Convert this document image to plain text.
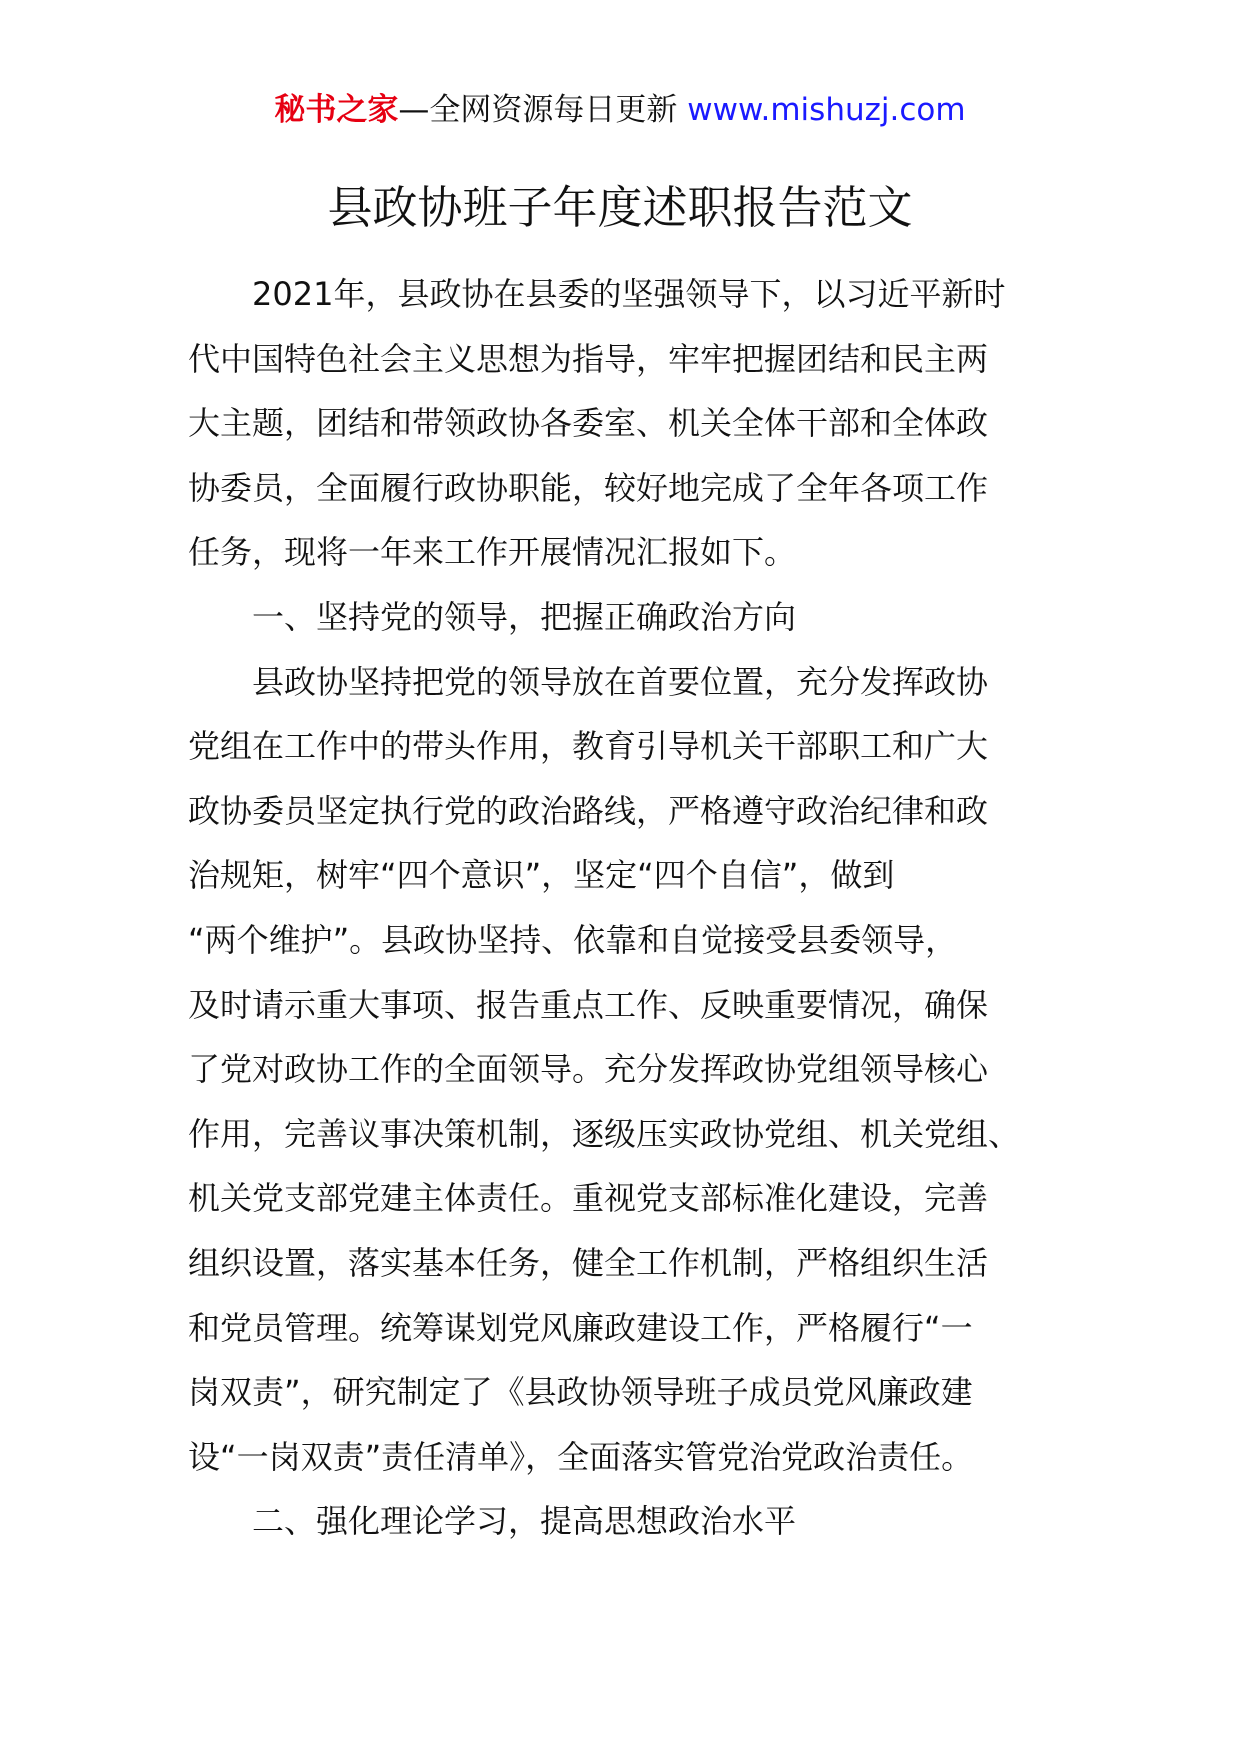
秘书之家—全网资源每日更新 www.mishuzj.com
县政协班子年度述职报告范文
　　2021年，县政协在县委的坚强领导下，以习近平新时
代中国特色社会主义思想为指导，牢牢把握团结和民主两
大主题，团结和带领政协各委室、机关全体干部和全体政
协委员，全面履行政协职能，较好地完成了全年各项工作
任务，现将一年来工作开展情况汇报如下。
　　一、坚持党的领导，把握正确政治方向
　　县政协坚持把党的领导放在首要位置，充分发挥政协
党组在工作中的带头作用，教育引导机关干部职工和广大
政协委员坚定执行党的政治路线，严格遵守政治纪律和政
治规矩，树牢“四个意识”，坚定“四个自信”，做到
“两个维护”。县政协坚持、依靠和自觉接受县委领导，
及时请示重大事项、报告重点工作、反映重要情况，确保
了党对政协工作的全面领导。充分发挥政协党组领导核心
作用，完善议事决策机制，逐级压实政协党组、机关党组、
机关党支部党建主体责任。重视党支部标准化建设，完善
组织设置，落实基本任务，健全工作机制，严格组织生活
和党员管理。统筹谋划党风廉政建设工作，严格履行“一
岗双责”，研究制定了《县政协领导班子成员党风廉政建
设“一岗双责”责任清单》，全面落实管党治党政治责任。
　　二、强化理论学习，提高思想政治水平
